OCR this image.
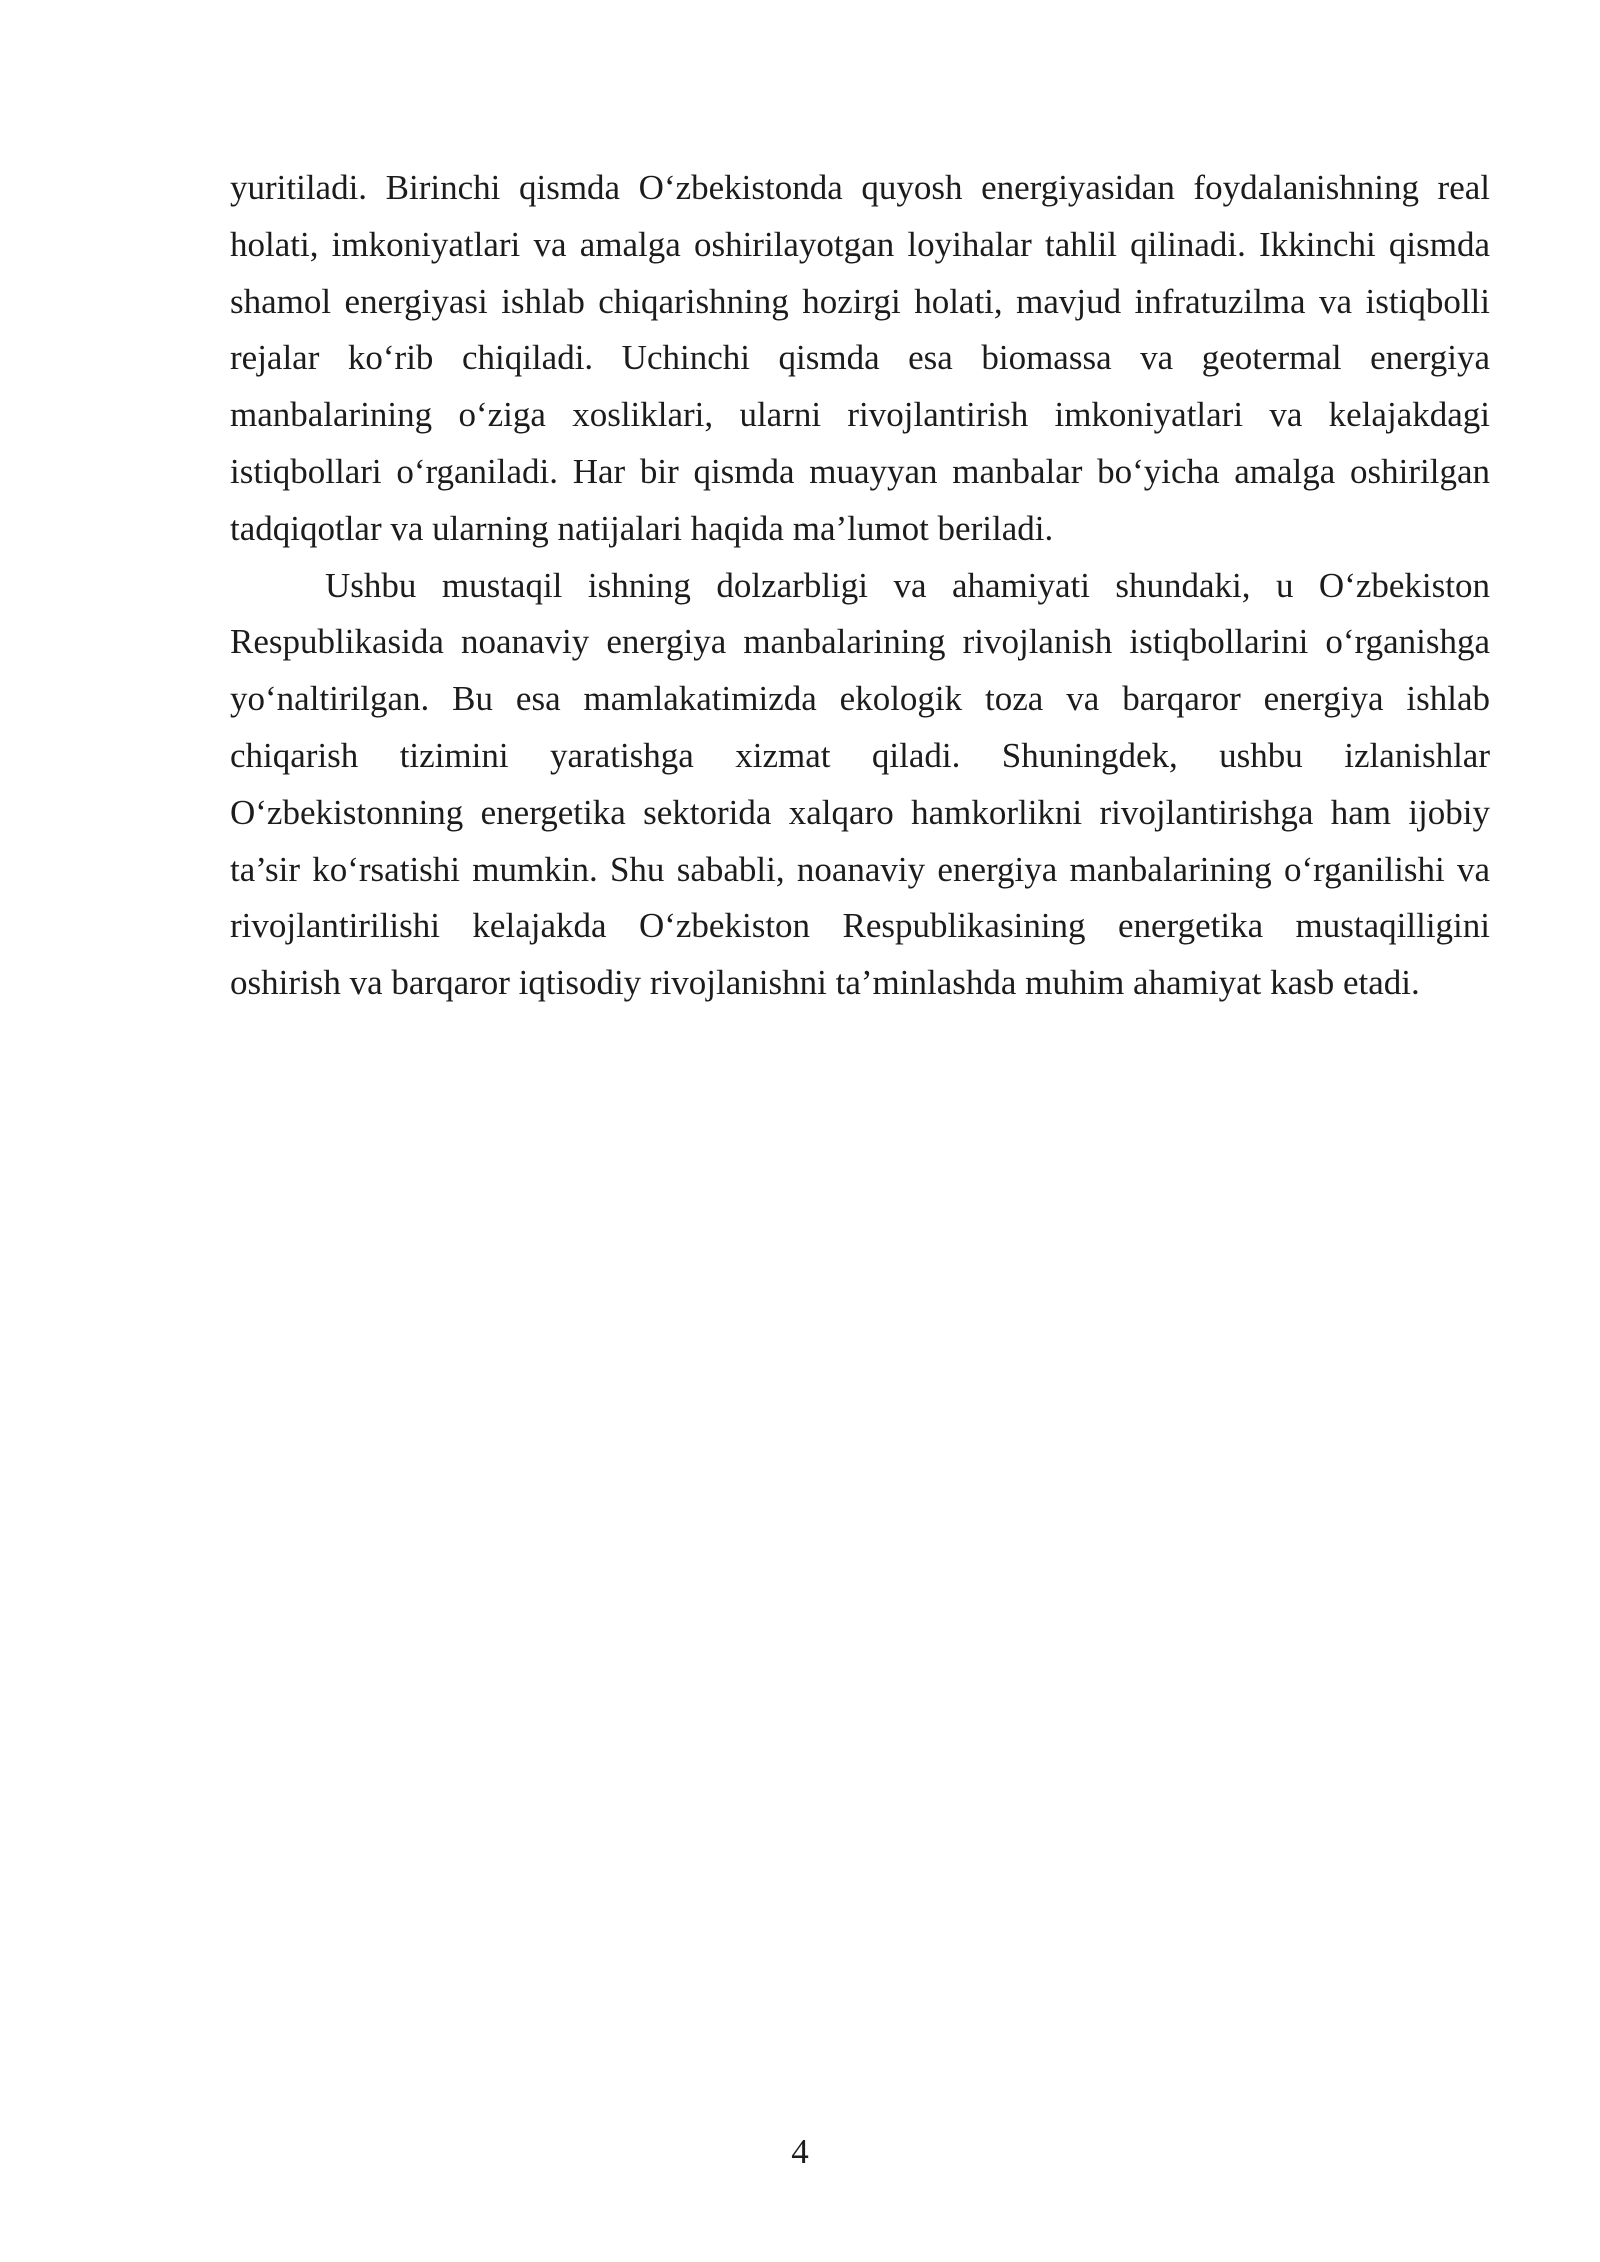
yuritiladi. Birinchi qismda O‘zbekistonda quyosh energiyasidan foydalanishning real holati, imkoniyatlari va amalga oshirilayotgan loyihalar tahlil qilinadi. Ikkinchi qismda shamol energiyasi ishlab chiqarishning hozirgi holati, mavjud infratuzilma va istiqbolli rejalar ko‘rib chiqiladi. Uchinchi qismda esa biomassa va geotermal energiya manbalarining o‘ziga xosliklari, ularni rivojlantirish imkoniyatlari va kelajakdagi istiqbollari o‘rganiladi. Har bir qismda muayyan manbalar bo‘yicha amalga oshirilgan tadqiqotlar va ularning natijalari haqida ma’lumot beriladi.

Ushbu mustaqil ishning dolzarbligi va ahamiyati shundaki, u O‘zbekiston Respublikasida noanaviy energiya manbalarining rivojlanish istiqbollarini o‘rganishga yo‘naltirilgan. Bu esa mamlakatimizda ekologik toza va barqaror energiya ishlab chiqarish tizimini yaratishga xizmat qiladi. Shuningdek, ushbu izlanishlar O‘zbekistonning energetika sektorida xalqaro hamkorlikni rivojlantirishga ham ijobiy ta’sir ko‘rsatishi mumkin. Shu sababli, noanaviy energiya manbalarining o‘rganilishi va rivojlantirilishi kelajakda O‘zbekiston Respublikasining energetika mustaqilligini oshirish va barqaror iqtisodiy rivojlanishni ta’minlashda muhim ahamiyat kasb etadi.

4
